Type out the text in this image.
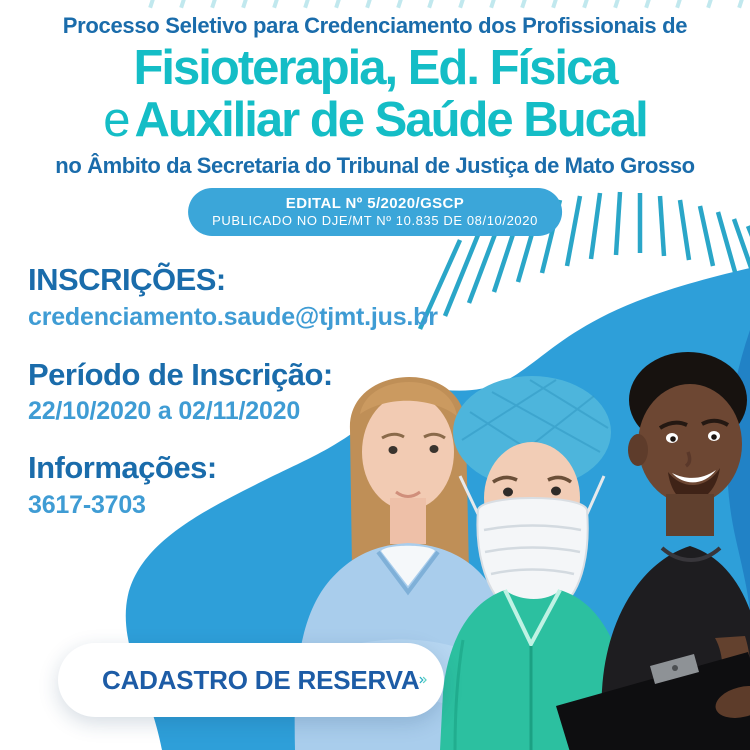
Processo Seletivo para Credenciamento dos Profissionais de
Fisioterapia, Ed. Física
e Auxiliar de Saúde Bucal
no Âmbito da Secretaria do Tribunal de Justiça de Mato Grosso
EDITAL Nº 5/2020/GSCP
PUBLICADO NO DJE/MT Nº 10.835 DE 08/10/2020
INSCRIÇÕES:
credenciamento.saude@tjmt.jus.br
Período de Inscrição:
22/10/2020 a 02/11/2020
Informações:
3617-3703
CADASTRO DE RESERVA
